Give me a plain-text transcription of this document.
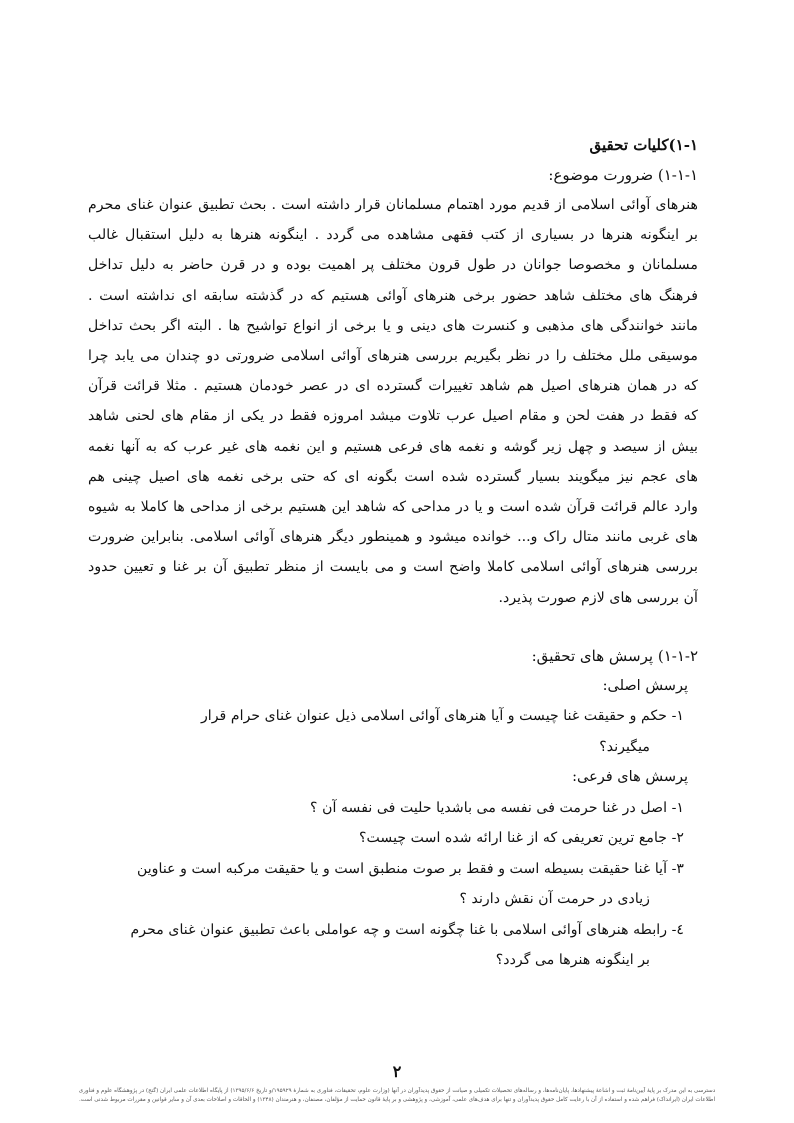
۱-۱)کلیات تحقیق

۱-۱-۱) ضرورت موضوع:

هنرهای آوائی اسلامی از قدیم مورد اهتمام مسلمانان قرار داشته است . بحث تطبیق عنوان غنای محرم

بر اینگونه هنرها در بسیاری از کتب فقهی مشاهده می گردد . اینگونه هنرها به دلیل استقبال غالب

مسلمانان و مخصوصا جوانان در طول قرون مختلف پر اهمیت بوده و در قرن حاضر به دلیل تداخل

فرهنگ های مختلف شاهد حضور برخی هنرهای آوائی هستیم که در گذشته سابقه ای نداشته است .

مانند خوانندگی های مذهبی و کنسرت های دینی و یا برخی از انواع تواشیح ها . البته اگر بحث تداخل

موسیقی ملل مختلف را در نظر بگیریم بررسی هنرهای آوائی اسلامی ضرورتی دو چندان می یابد چرا

که در همان هنرهای اصیل هم شاهد تغییرات گسترده ای در عصر خودمان هستیم . مثلا قرائت قرآن

که فقط در هفت لحن و مقام اصیل عرب تلاوت میشد امروزه فقط در یکی از مقام های لحنی شاهد

بیش از سیصد و چهل زیر گوشه و نغمه های فرعی هستیم و این نغمه های غیر عرب که به آنها نغمه

های عجم نیز میگویند بسیار گسترده شده است بگونه ای که حتی برخی نغمه های اصیل چینی هم

وارد عالم قرائت قرآن شده است و یا در مداحی که شاهد این هستیم برخی از مداحی ها کاملا به شیوه

های غربی مانند متال راک و... خوانده میشود و همینطور دیگر هنرهای آوائی اسلامی. بنابراین ضرورت

بررسی هنرهای آوائی اسلامی کاملا واضح است و می بایست از منظر تطبیق آن بر غنا و تعیین حدود

آن بررسی های لازم صورت پذیرد.

۱-۱-۲) پرسش های تحقیق:

پرسش اصلی:

۱- حکم و حقیقت غنا چیست و آیا هنرهای آوائی اسلامی ذیل عنوان غنای حرام قرار

میگیرند؟

پرسش های فرعی:

۱- اصل در غنا حرمت فی نفسه می باشدیا حلیت فی نفسه آن ؟

۲- جامع ترین تعریفی که از غنا ارائه شده است چیست؟

۳- آیا غنا حقیقت بسیطه است و فقط بر صوت منطبق است و یا حقیقت مرکبه است و عناوین

زیادی در حرمت آن نقش دارند ؟

٤- رابطه هنرهای آوائی اسلامی با غنا چگونه است و چه عواملی باعث تطبیق عنوان غنای محرم

بر اینگونه هنرها می گردد؟

۲
دسترسی به این مدرک بر پایهٔ آیین‌نامهٔ ثبت و اشاعهٔ پیشنهادها، پایان‌نامه‌ها، و رساله‌های تحصیلات تکمیلی و صیانت از حقوق پدیدآوران در آنها (وزارت علوم، تحقیقات، فناوری به شمارهٔ ۱۹۵۹۲۹/و تاریخ ۱۳۹۵/۶/۶) از پایگاه اطلاعات علمی ایران (گنج) در پژوهشگاه علوم و فناوری
اطلاعات ایران (ایرانداک) فراهم شده و استفاده از آن با رعایت کامل حقوق پدیدآوران و تنها برای هدف‌های علمی، آموزشی، و پژوهشی و بر پایهٔ قانون حمایت از مؤلفان، مصنفان، و هنرمندان (۱۳۴۸) و الحاقات و اصلاحات بعدی آن و سایر قوانین و مقررات مربوط شدنی است.
